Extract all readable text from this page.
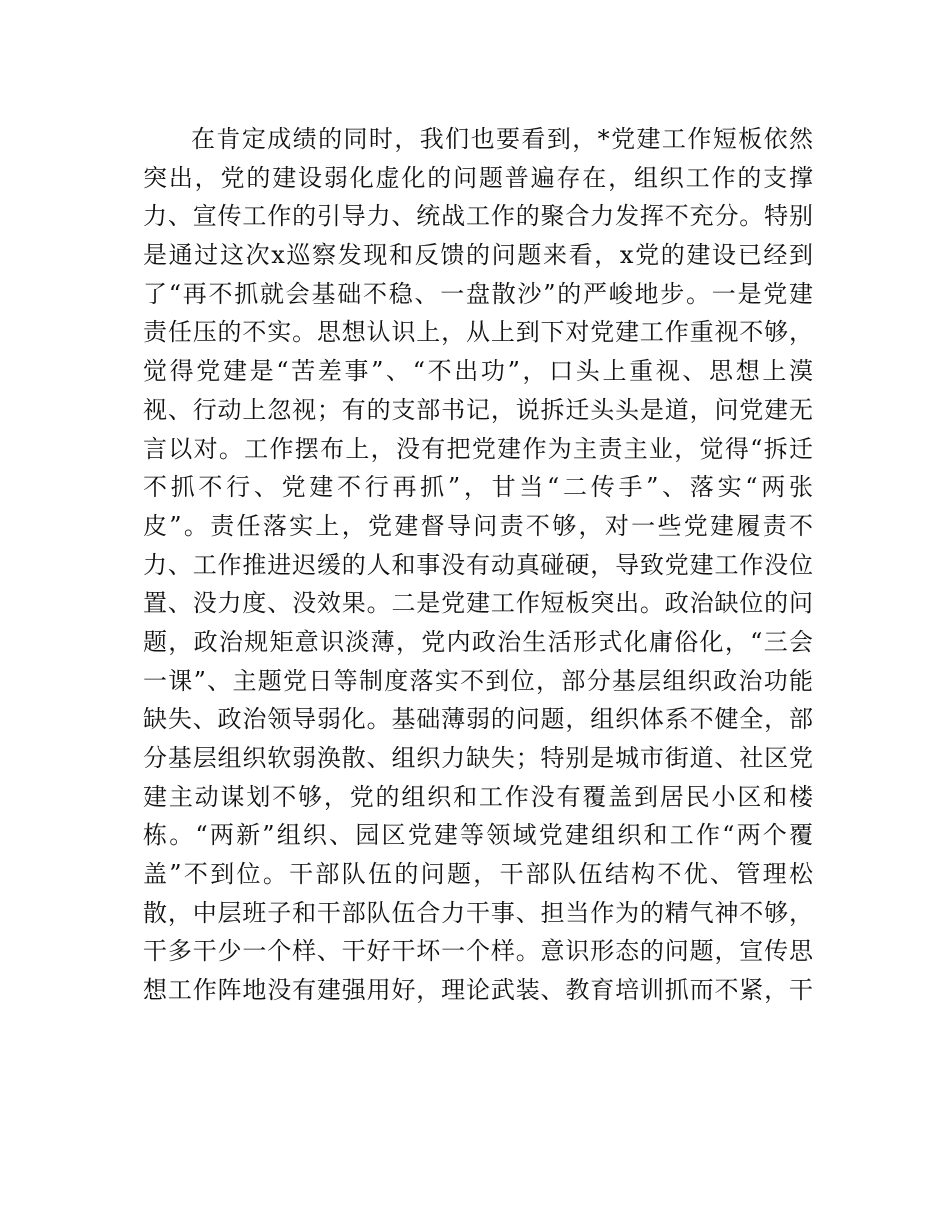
在肯定成绩的同时，我们也要看到，*党建工作短板依然
突出，党的建设弱化虚化的问题普遍存在，组织工作的支撑
力、宣传工作的引导力、统战工作的聚合力发挥不充分。特别
是通过这次x巡察发现和反馈的问题来看，x党的建设已经到
了“再不抓就会基础不稳、一盘散沙”的严峻地步。一是党建
责任压的不实。思想认识上，从上到下对党建工作重视不够，
觉得党建是“苦差事”、“不出功”，口头上重视、思想上漠
视、行动上忽视；有的支部书记，说拆迁头头是道，问党建无
言以对。工作摆布上，没有把党建作为主责主业，觉得“拆迁
不抓不行、党建不行再抓”，甘当“二传手”、落实“两张
皮”。责任落实上，党建督导问责不够，对一些党建履责不
力、工作推进迟缓的人和事没有动真碰硬，导致党建工作没位
置、没力度、没效果。二是党建工作短板突出。政治缺位的问
题，政治规矩意识淡薄，党内政治生活形式化庸俗化，“三会
一课”、主题党日等制度落实不到位，部分基层组织政治功能
缺失、政治领导弱化。基础薄弱的问题，组织体系不健全，部
分基层组织软弱涣散、组织力缺失；特别是城市街道、社区党
建主动谋划不够，党的组织和工作没有覆盖到居民小区和楼
栋。“两新”组织、园区党建等领域党建组织和工作“两个覆
盖”不到位。干部队伍的问题，干部队伍结构不优、管理松
散，中层班子和干部队伍合力干事、担当作为的精气神不够，
干多干少一个样、干好干坏一个样。意识形态的问题，宣传思
想工作阵地没有建强用好，理论武装、教育培训抓而不紧，干
